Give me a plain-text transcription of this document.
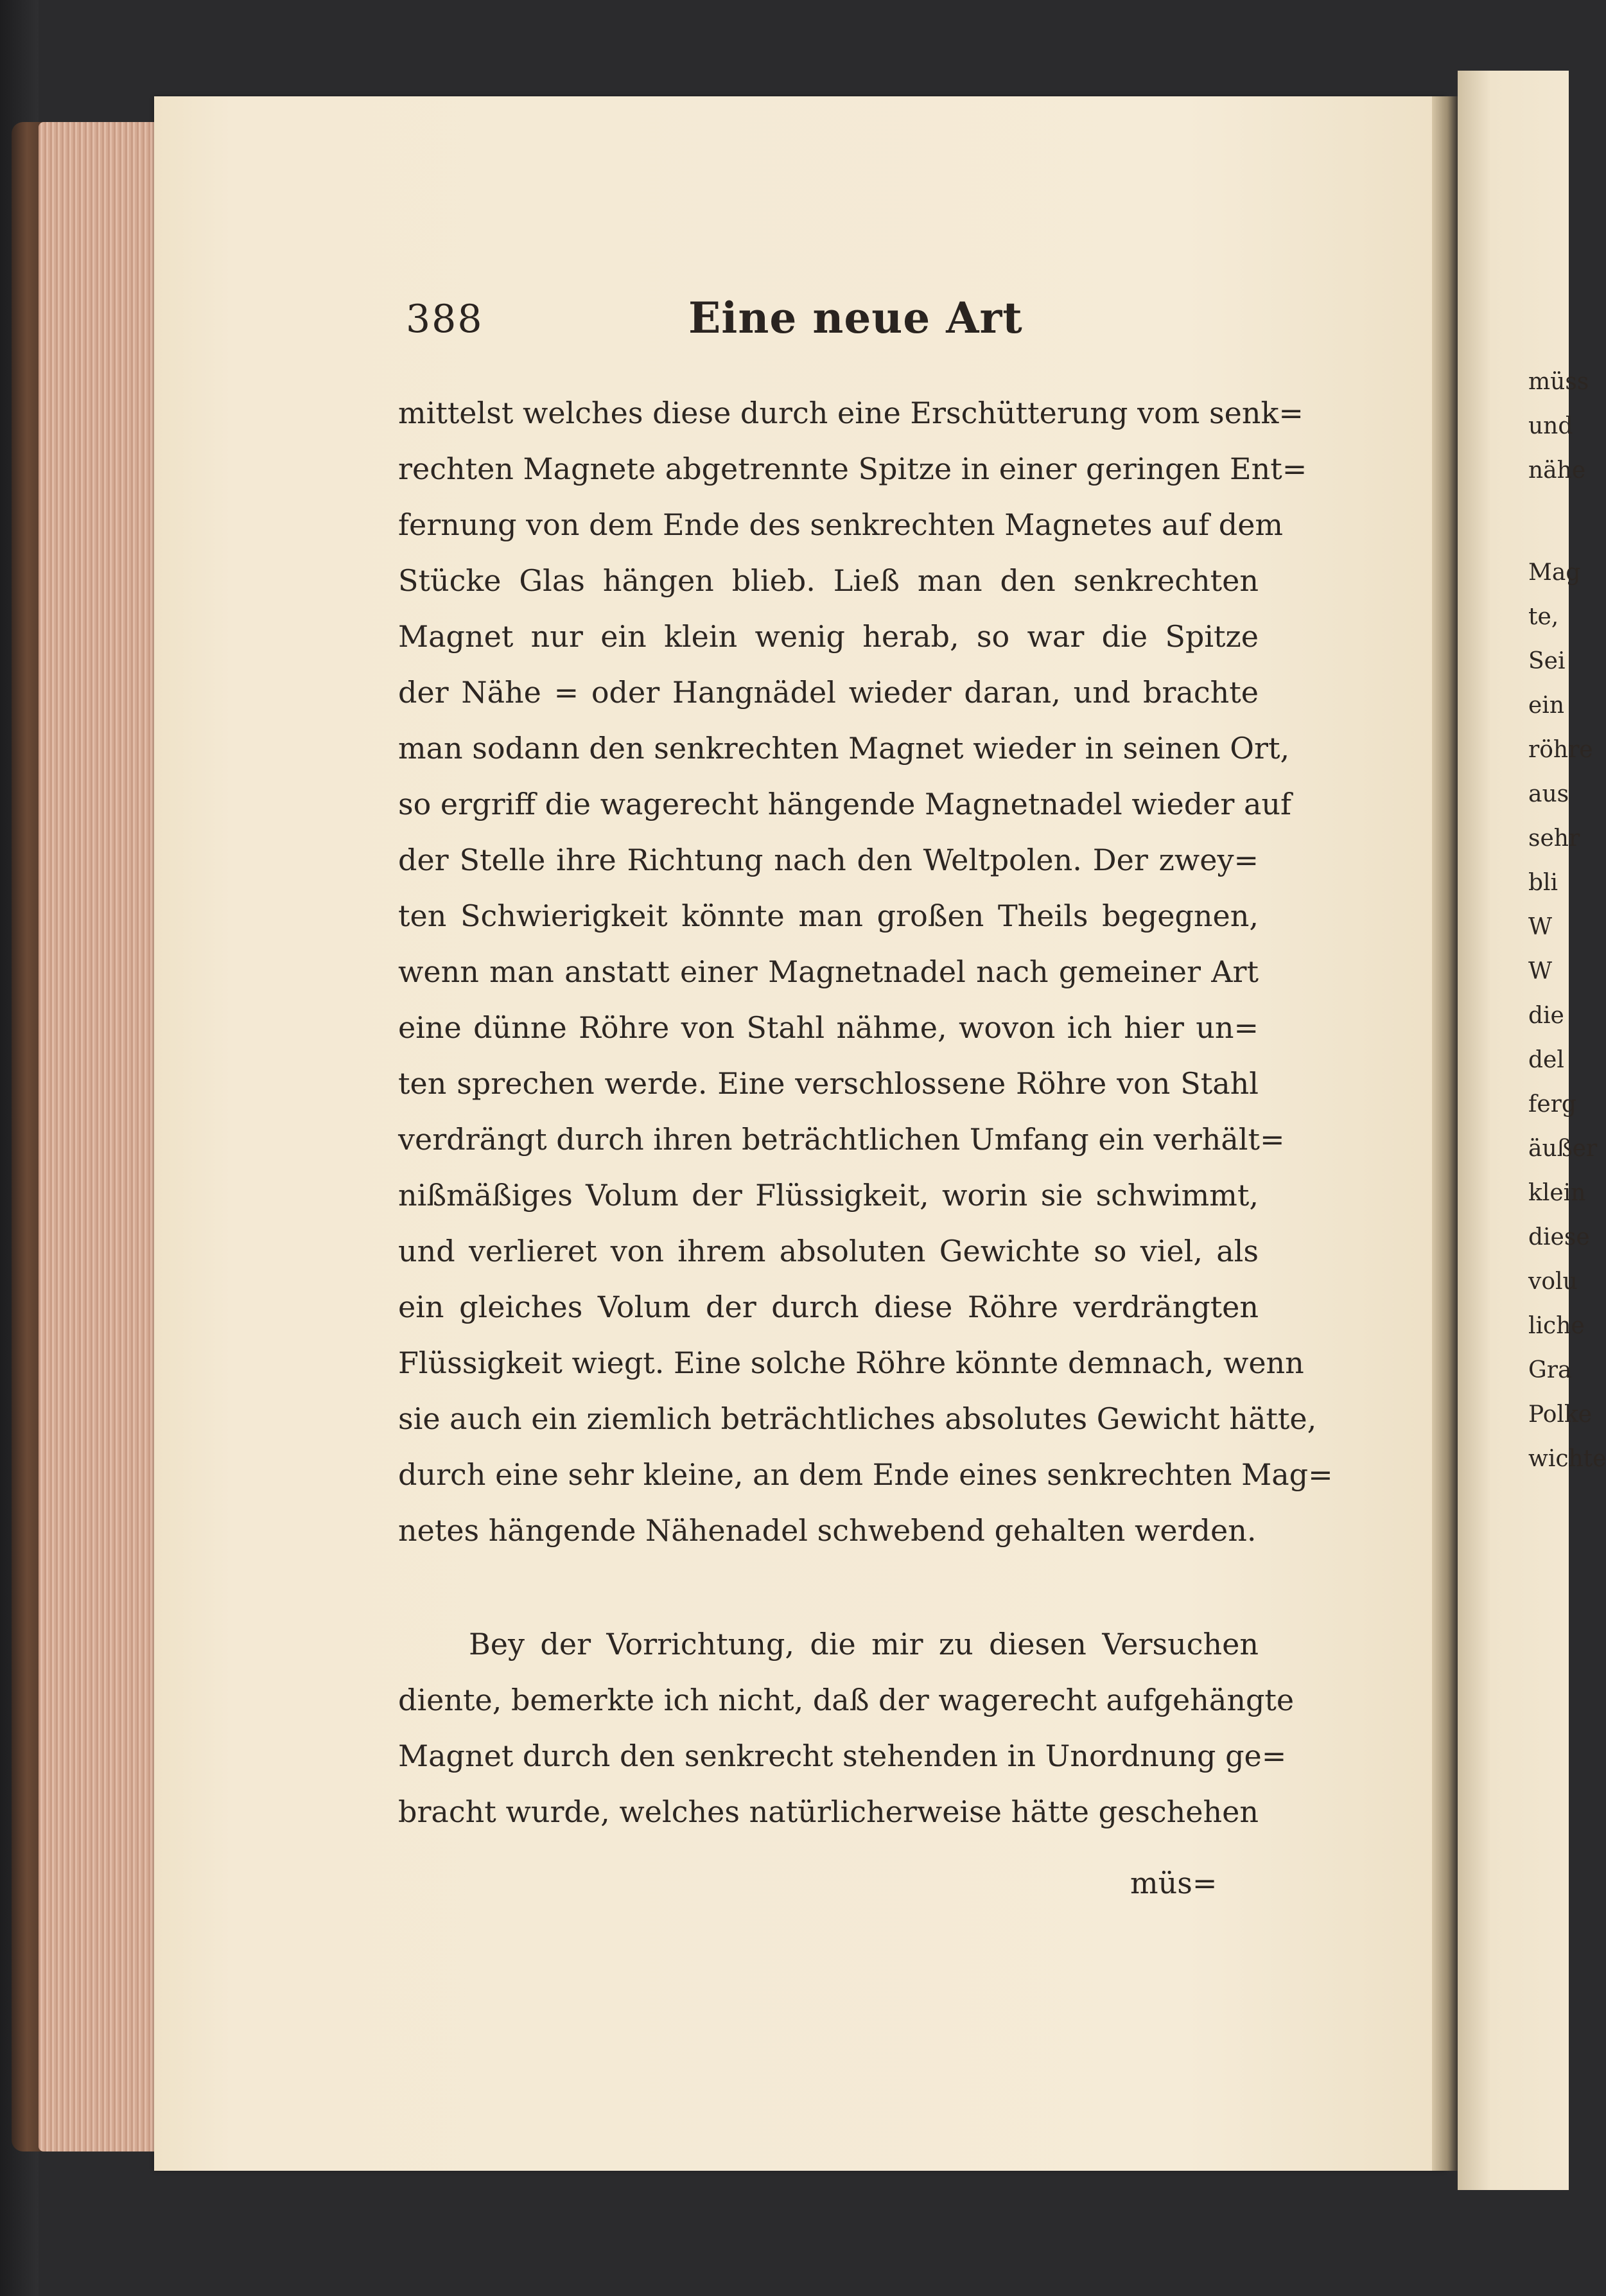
388	Eine neue Art
mittelst welches diese durch eine Erschütterung vom senk=
rechten Magnete abgetrennte Spitze in einer geringen Ent=
fernung von dem Ende des senkrechten Magnetes auf dem
Stücke Glas hängen blieb. Ließ man den senkrechten
Magnet nur ein klein wenig herab, so war die Spitze
der Nähe = oder Hangnädel wieder daran, und brachte
man sodann den senkrechten Magnet wieder in seinen Ort,
so ergriff die wagerecht hängende Magnetnadel wieder auf
der Stelle ihre Richtung nach den Weltpolen. Der zwey=
ten Schwierigkeit könnte man großen Theils begegnen,
wenn man anstatt einer Magnetnadel nach gemeiner Art
eine dünne Röhre von Stahl nähme, wovon ich hier un=
ten sprechen werde. Eine verschlossene Röhre von Stahl
verdrängt durch ihren beträchtlichen Umfang ein verhält=
nißmäßiges Volum der Flüssigkeit, worin sie schwimmt,
und verlieret von ihrem absoluten Gewichte so viel, als
ein gleiches Volum der durch diese Röhre verdrängten
Flüssigkeit wiegt. Eine solche Röhre könnte demnach, wenn
sie auch ein ziemlich beträchtliches absolutes Gewicht hätte,
durch eine sehr kleine, an dem Ende eines senkrechten Mag=
netes hängende Nähenadel schwebend gehalten werden.
Bey der Vorrichtung, die mir zu diesen Versuchen
diente, bemerkte ich nicht, daß der wagerecht aufgehängte
Magnet durch den senkrecht stehenden in Unordnung ge=
bracht wurde, welches natürlicherweise hätte geschehen
müs=
müss
und
nähe
Mag
te,
Sei
ein
röhre
aus
sehr
bli
W
W
die
del
ferg
äußer
klein
diese
volu
liche
Gra
Polke
wichte
